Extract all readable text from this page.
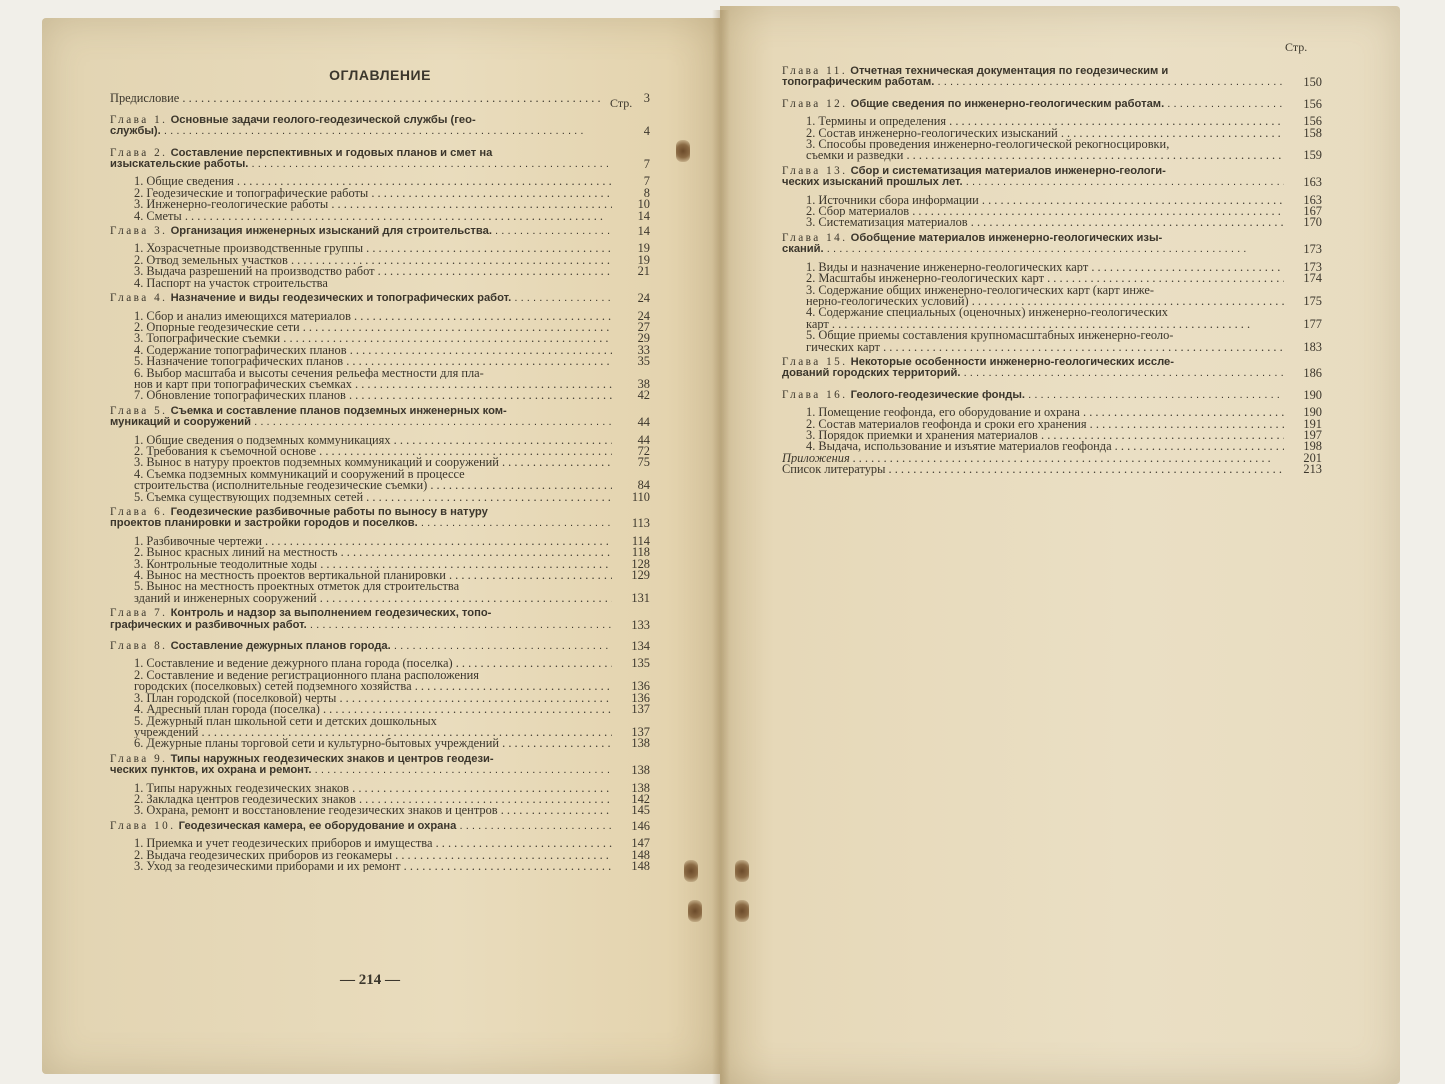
Стр.
Стр.
ОГЛАВЛЕНИЕ
Предисловие . . .	3
Глава 1. Основные задачи геолого-геодезической службы (гео-
службы). . . .	4
Глава 2. Составление перспективных и годовых планов и смет на
изыскательские работы. . . .	7
1. Общие сведения . . .	7
2. Геодезические и топографические работы . . .	8
3. Инженерно-геологические работы . . .	10
4. Сметы . . .	14
Глава 3. Организация инженерных изысканий для строительства. . . .	14
1. Хозрасчетные производственные группы . . .	19
2. Отвод земельных участков . . .	19
3. Выдача разрешений на производство работ . . .	21
4. Паспорт на участок строительства
Глава 4. Назначение и виды геодезических и топографических работ. . . .	24
1. Сбор и анализ имеющихся материалов . . .	24
2. Опорные геодезические сети . . .	27
3. Топографические съемки . . .	29
4. Содержание топографических планов . . .	33
5. Назначение топографических планов . . .	35
6. Выбор масштаба и высоты сечения рельефа местности для пла-
нов и карт при топографических съемках . . .	38
7. Обновление топографических планов . . .	42
Глава 5. Съемка и составление планов подземных инженерных ком-
муникаций и сооружений . . .	44
1. Общие сведения о подземных коммуникациях . . .	44
2. Требования к съемочной основе . . .	72
3. Вынос в натуру проектов подземных коммуникаций и сооружений . . .	75
4. Съемка подземных коммуникаций и сооружений в процессе
строительства (исполнительные геодезические съемки) . . .	84
5. Съемка существующих подземных сетей . . .	110
Глава 6. Геодезические разбивочные работы по выносу в натуру
проектов планировки и застройки городов и поселков. . . .	113
1. Разбивочные чертежи . . .	114
2. Вынос красных линий на местность . . .	118
3. Контрольные теодолитные ходы . . .	128
4. Вынос на местность проектов вертикальной планировки . . .	129
5. Вынос на местность проектных отметок для строительства
зданий и инженерных сооружений . . .	131
Глава 7. Контроль и надзор за выполнением геодезических, топо-
графических и разбивочных работ. . . .	133
Глава 8. Составление дежурных планов города. . . .	134
1. Составление и ведение дежурного плана города (поселка) . . .	135
2. Составление и ведение регистрационного плана расположения
городских (поселковых) сетей подземного хозяйства . . .	136
3. План городской (поселковой) черты . . .	136
4. Адресный план города (поселка) . . .	137
5. Дежурный план школьной сети и детских дошкольных
учреждений . . .	137
6. Дежурные планы торговой сети и культурно-бытовых учреждений . . .	138
Глава 9. Типы наружных геодезических знаков и центров геодези-
ческих пунктов, их охрана и ремонт. . . .	138
1. Типы наружных геодезических знаков . . .	138
2. Закладка центров геодезических знаков . . .	142
3. Охрана, ремонт и восстановление геодезических знаков и центров . . .	145
Глава 10. Геодезическая камера, ее оборудование и охрана . . .	146
1. Приемка и учет геодезических приборов и имущества . . .	147
2. Выдача геодезических приборов из геокамеры . . .	148
3. Уход за геодезическими приборами и их ремонт . . .	148
Глава 11. Отчетная техническая документация по геодезическим и
топографическим работам. . . .	150
Глава 12. Общие сведения по инженерно-геологическим работам. . . .	156
1. Термины и определения . . .	156
2. Состав инженерно-геологических изысканий . . .	158
3. Способы проведения инженерно-геологической рекогносцировки,
съемки и разведки . . .	159
Глава 13. Сбор и систематизация материалов инженерно-геологи-
ческих изысканий прошлых лет. . . .	163
1. Источники сбора информации . . .	163
2. Сбор материалов . . .	167
3. Систематизация материалов . . .	170
Глава 14. Обобщение материалов инженерно-геологических изы-
сканий. . . .	173
1. Виды и назначение инженерно-геологических карт . . .	173
2. Масштабы инженерно-геологических карт . . .	174
3. Содержание общих инженерно-геологических карт (карт инже-
нерно-геологических условий) . . .	175
4. Содержание специальных (оценочных) инженерно-геологических
карт . . .	177
5. Общие приемы составления крупномасштабных инженерно-геоло-
гических карт . . .	183
Глава 15. Некоторые особенности инженерно-геологических иссле-
дований городских территорий. . . .	186
Глава 16. Геолого-геодезические фонды. . . .	190
1. Помещение геофонда, его оборудование и охрана . . .	190
2. Состав материалов геофонда и сроки его хранения . . .	191
3. Порядок приемки и хранения материалов . . .	197
4. Выдача, использование и изъятие материалов геофонда . . .	198
Приложения . . .	201
Список литературы . . .	213
— 214 —
